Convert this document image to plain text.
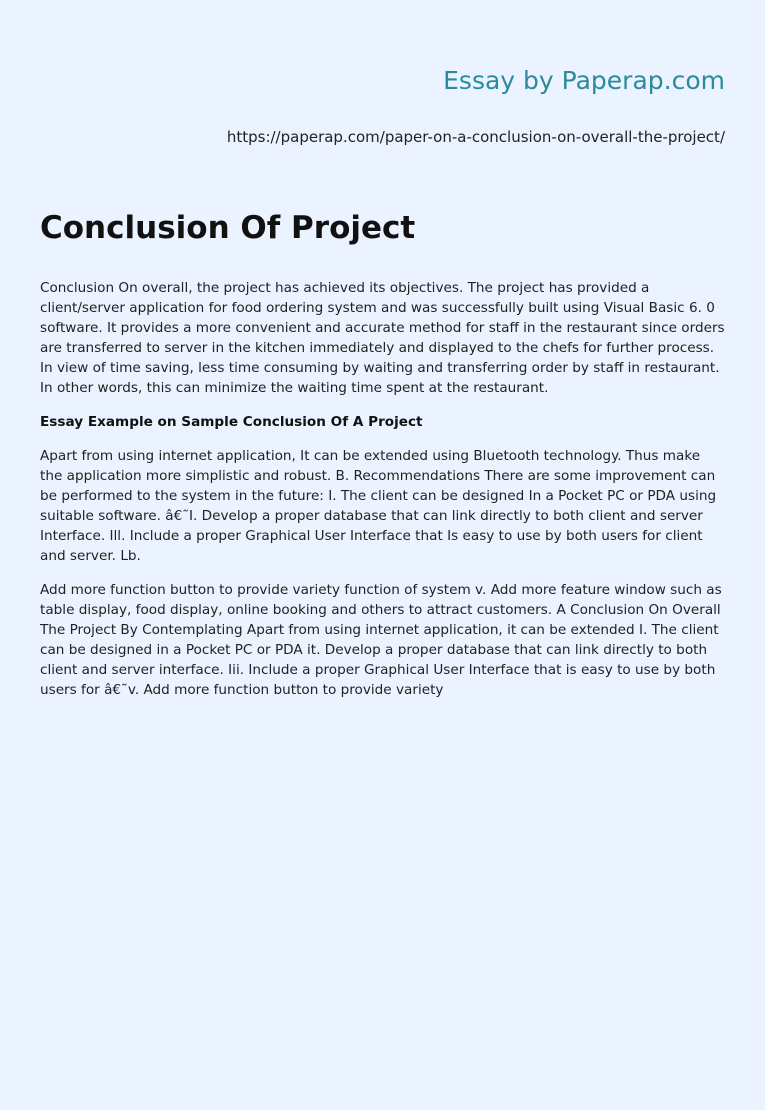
Essay by Paperap.com
https://paperap.com/paper-on-a-conclusion-on-overall-the-project/
Conclusion Of Project

Conclusion On overall, the project has achieved its objectives. The project has provided a client/server application for food ordering system and was successfully built using Visual Basic 6. 0 software. It provides a more convenient and accurate method for staff in the restaurant since orders are transferred to server in the kitchen immediately and displayed to the chefs for further process. In view of time saving, less time consuming by waiting and transferring order by staff in restaurant. In other words, this can minimize the waiting time spent at the restaurant.

Essay Example on Sample Conclusion Of A Project

Apart from using internet application, It can be extended using Bluetooth technology. Thus make the application more simplistic and robust. B. Recommendations There are some improvement can be performed to the system in the future: I. The client can be designed In a Pocket PC or PDA using suitable software. â€˜I. Develop a proper database that can link directly to both client and server Interface. Ill. Include a proper Graphical User Interface that Is easy to use by both users for client and server. Lb.

Add more function button to provide variety function of system v. Add more feature window such as table display, food display, online booking and others to attract customers. A Conclusion On Overall The Project By Contemplating Apart from using internet application, it can be extended I. The client can be designed in a Pocket PC or PDA it. Develop a proper database that can link directly to both client and server interface. Iii. Include a proper Graphical User Interface that is easy to use by both users for â€˜v. Add more function button to provide variety
